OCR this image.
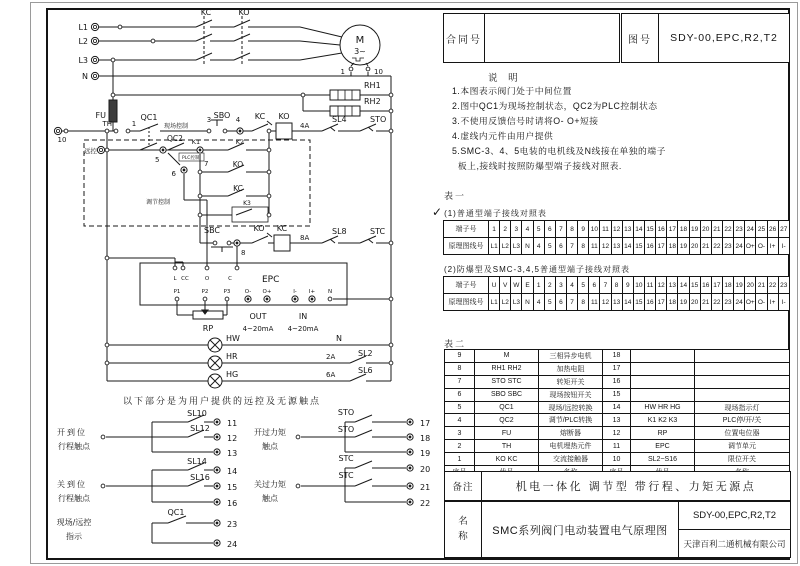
L1
L2
L3
N
KC	KO
M
3~
1	10
RH1
RH2
FU
TH	1
10
QC1
现场控制
3 SBO 4 KC KO
4A
SL4	STO
远控
QC2
5	PLC控制
K1
7
K2
KO
KC
K3
调节控制
6
SBC
8
KO KC
8A
SL8	STC
EPC
L CC	O	C
P1	P2	P3	O- O+	I- I+ N
OUT
4~20mA
IN
4~20mA
RP
HW	N
HR	2A	SL2
HG	6A	SL6
以下部分是为用户提供的远控及无源触点
开到位
行程触点
SL10
11
SL12
12
13
关到位
行程触点
SL14
14
SL16
15
16
现场/远控
指示
QC1
23
24
开过力矩
触点
STO
17
STO
18
19
关过力矩
触点
STC
20
STC
21
22
合同号	图号	SDY-00,EPC,R2,T2
说 明
1.本图表示阀门处于中间位置
2.图中QC1为现场控制状态，QC2为PLC控制状态
3.不使用反馈信号时请将O- O+短接
4.虚线内元件由用户提供
5.SMC-3、4、5电装的电机线及N线接在单独的端子
板上,接线时按照防爆型端子接线对照表.
表一
✓ (1)普通型端子接线对照表
端子号	1	2	3	4	5	6	7	8	9 10 11 12 13 14 15 16 17 18 19 20 21 22 23 24 25 26 27
原理图线号	L1 L2 L3 N	4	5	6	7	8 11 12 13 14 15 16 17 18 19 20 21 22 23 24 O+ O- I+ I-
(2)防爆型及SMC-3,4,5普通型端子接线对照表
端子号	U	V W E	1	2	3	4	5	6	7	8	9 10 11 12 13 14 15 16 17 18 19 20 21 22 23
原理图线号	L1 L2 L3 N	4	5	6	7	8 11 12 13 14 15 16 17 18 19 20 21 22 23 24 O+ O- I+ I-
表二
9	M	三相异步电机	18
8	RH1 RH2	加热电阻	17
7	STO STC	转矩开关	16
6	SBO SBC	现场按钮开关	15
5	QC1	现场/远控转换	14	HW HR HG	现场指示灯
4	QC2	调节/PLC转换	13	K1 K2 K3	PLC停/开/关
3	FU	熔断器	12	RP	位置电位器
2	TH	电机埋热元件	11	EPC	调节单元
1	KO KC	交流接触器	10	SL2~S16	限位开关
备注	机电一体化 调节型 带行程、力矩无源点
名称	SMC系列阀门电动装置电气原理图
SDY-00,EPC,R2,T2
天津百利二通机械有限公司
